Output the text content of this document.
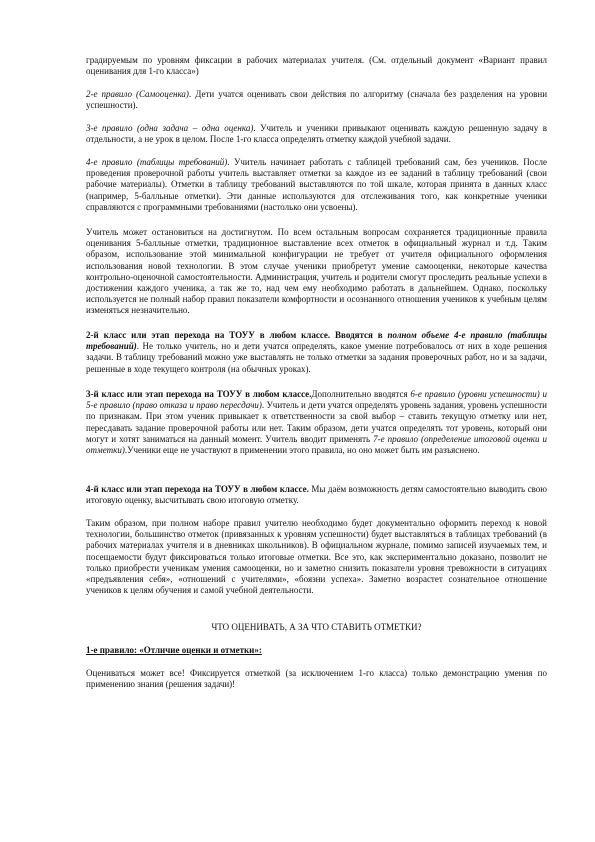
градируемым по уровням фиксации в рабочих материалах учителя. (См. отдельный документ «Вариант правил оценивания для 1-го класса»)

2-е правило (Самооценка). Дети учатся оценивать свои действия по алгоритму (сначала без разделения на уровни успешности).

3-е правило (одна задача – одна оценка). Учитель и ученики привыкают оценивать каждую решенную задачу в отдельности, а не урок в целом. После 1-го класса определять отметку каждой учебной задачи.

4-е правило (таблицы требований). Учитель начинает работать с таблицей требований сам, без учеников. После проведения проверочной работы учитель выставляет отметки за каждое из ее заданий в таблицу требований (свои рабочие материалы). Отметки в таблицу требований выставляются по той шкале, которая принята в данных класс (например, 5-балльные отметки). Эти данные используются для отслеживания того, как конкретные ученики справляются с программными требованиями (настолько они усвоены).

Учитель может остановиться на достигнутом. По всем остальным вопросам сохраняется традиционные правила оценивания 5-балльные отметки, традиционное выставление всех отметок в официальный журнал и т.д. Таким образом, использование этой минимальной конфигурации не требует от учителя официального оформления использования новой технологии. В этом случае ученики приобретут умение самооценки, некоторые качества контрольно-оценочной самостоятельности. Администрация, учитель и родители смогут проследить реальные успехи в достижении каждого ученика, а так же то, над чем ему необходимо работать в дальнейшем. Однако, поскольку используется не полный набор правил показатели комфортности и осознанного отношения учеников к учебным целям изменяться незначительно.

2-й класс или этап перехода на ТОУУ в любом классе. Вводятся в полном объеме 4-е правило (таблицы требований). Не только учитель, но и дети учатся определять, какое умение потребовалось от них в ходе решения задачи. В таблицу требований можно уже выставлять не только отметки за задания проверочных работ, но и за задачи, решенные в ходе текущего контроля (на обычных уроках).

3-й класс или этап перехода на ТОУУ в любом классе.Дополнительно вводятся 6-е правило (уровни успешности) и 5-е правило (право отказа и право пересдачи). Учитель и дети учатся определять уровень задания, уровень успешности по признакам. При этом ученик привыкает к ответственности за свой выбор – ставить текущую отметку или нет, пересдавать задание проверочной работы или нет. Таким образом, дети учатся определять тот уровень, который они могут и хотят заниматься на данный момент. Учитель вводит применять 7-е правило (определение итоговой оценки и отметки).Ученики еще не участвуют в применении этого правила, но оно может быть им разъяснено.

4-й класс или этап перехода на ТОУУ в любом классе. Мы даём возможность детям самостоятельно выводить свою итоговую оценку, высчитывать свою итоговую отметку.

Таким образом, при полном наборе правил учителю необходимо будет документально оформить переход к новой технологии, большинство отметок (привязанных к уровням успешности) будет выставляться в таблицах требований (в рабочих материалах учителя и в дневниках школьников). В официальном журнале, помимо записей изучаемых тем, и посещаемости будут фиксироваться только итоговые отметки. Все это, как экспериментально доказано, позволит не только приобрести ученикам умения самооценки, но и заметно снизить показатели уровня тревожности в ситуациях «предъявления себя», «отношений с учителями», «боязни успеха». Заметно возрастет сознательное отношение учеников к целям обучения и самой учебной деятельности.

ЧТО ОЦЕНИВАТЬ, А ЗА ЧТО СТАВИТЬ ОТМЕТКИ?

1-е правило: «Отличие оценки и отметки»:

Оцениваться может все! Фиксируется отметкой (за исключением 1-го класса) только демонстрацию умения по применению знания (решения задачи)!
